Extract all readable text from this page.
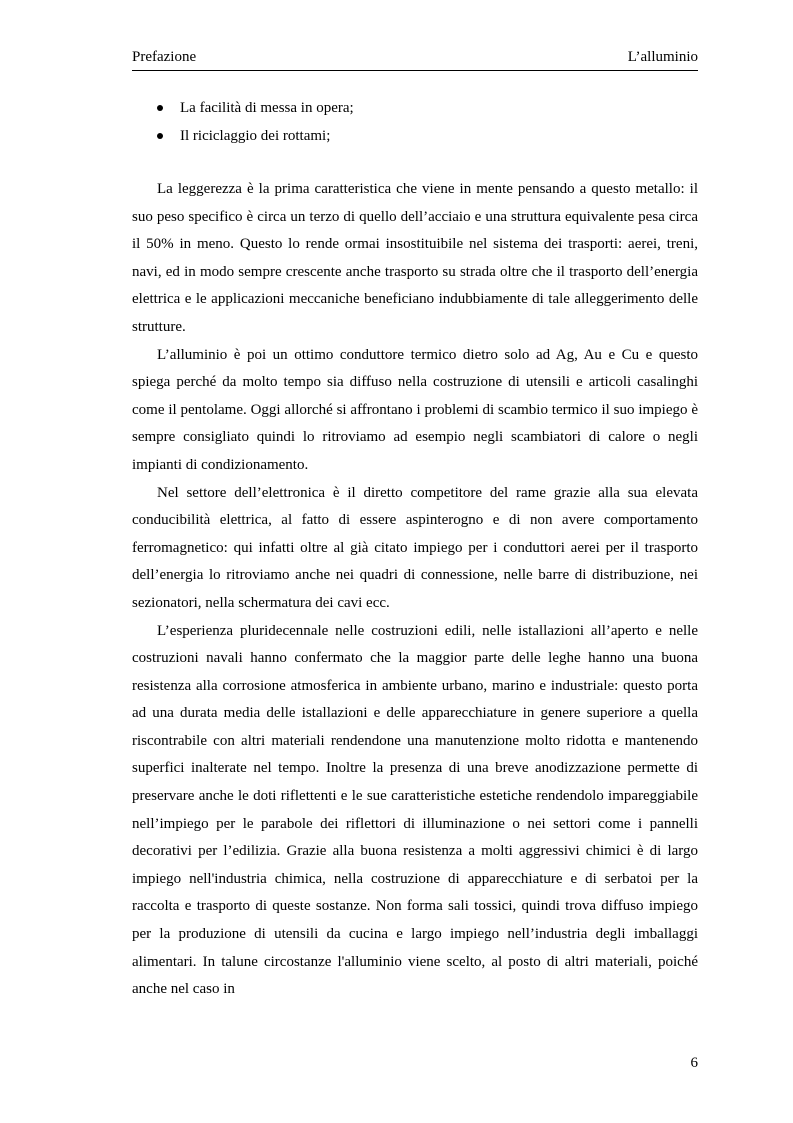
Prefazione	L’alluminio
La facilità di messa in opera;
Il riciclaggio dei rottami;

La leggerezza è la prima caratteristica che viene in mente pensando a questo metallo: il suo peso specifico è circa un terzo di quello dell’acciaio e una struttura equivalente pesa circa il 50% in meno. Questo lo rende ormai insostituibile nel sistema dei trasporti: aerei, treni, navi, ed in modo sempre crescente anche trasporto su strada oltre che il trasporto dell’energia elettrica e le applicazioni meccaniche beneficiano indubbiamente di tale alleggerimento delle strutture.

L’alluminio è poi un ottimo conduttore termico dietro solo ad Ag, Au e Cu e questo spiega perché da molto tempo sia diffuso nella costruzione di utensili e articoli casalinghi come il pentolame. Oggi allorché si affrontano i problemi di scambio termico il suo impiego è sempre consigliato quindi lo ritroviamo ad esempio negli scambiatori di calore o negli impianti di condizionamento.

Nel settore dell’elettronica è il diretto competitore del rame grazie alla sua elevata conducibilità elettrica, al fatto di essere aspinterogno e di non avere comportamento ferromagnetico: qui infatti oltre al già citato impiego per i conduttori aerei per il trasporto dell’energia lo ritroviamo anche nei quadri di connessione, nelle barre di distribuzione, nei sezionatori, nella schermatura dei cavi ecc.

L’esperienza pluridecennale nelle costruzioni edili, nelle istallazioni all’aperto e nelle costruzioni navali hanno confermato che la maggior parte delle leghe hanno una buona resistenza alla corrosione atmosferica in ambiente urbano, marino e industriale: questo porta ad una durata media delle istallazioni e delle apparecchiature in genere superiore a quella riscontrabile con altri materiali rendendone una manutenzione molto ridotta e mantenendo superfici inalterate nel tempo. Inoltre la presenza di una breve anodizzazione permette di preservare anche le doti riflettenti e le sue caratteristiche estetiche rendendolo impareggiabile nell’impiego per le parabole dei riflettori di illuminazione o nei settori come i pannelli decorativi per l’edilizia. Grazie alla buona resistenza a molti aggressivi chimici è di largo impiego nell'industria chimica, nella costruzione di apparecchiature e di serbatoi per la raccolta e trasporto di queste sostanze. Non forma sali tossici, quindi trova diffuso impiego per la produzione di utensili da cucina e largo impiego nell’industria degli imballaggi alimentari. In talune circostanze l'alluminio viene scelto, al posto di altri materiali, poiché anche nel caso in

6
